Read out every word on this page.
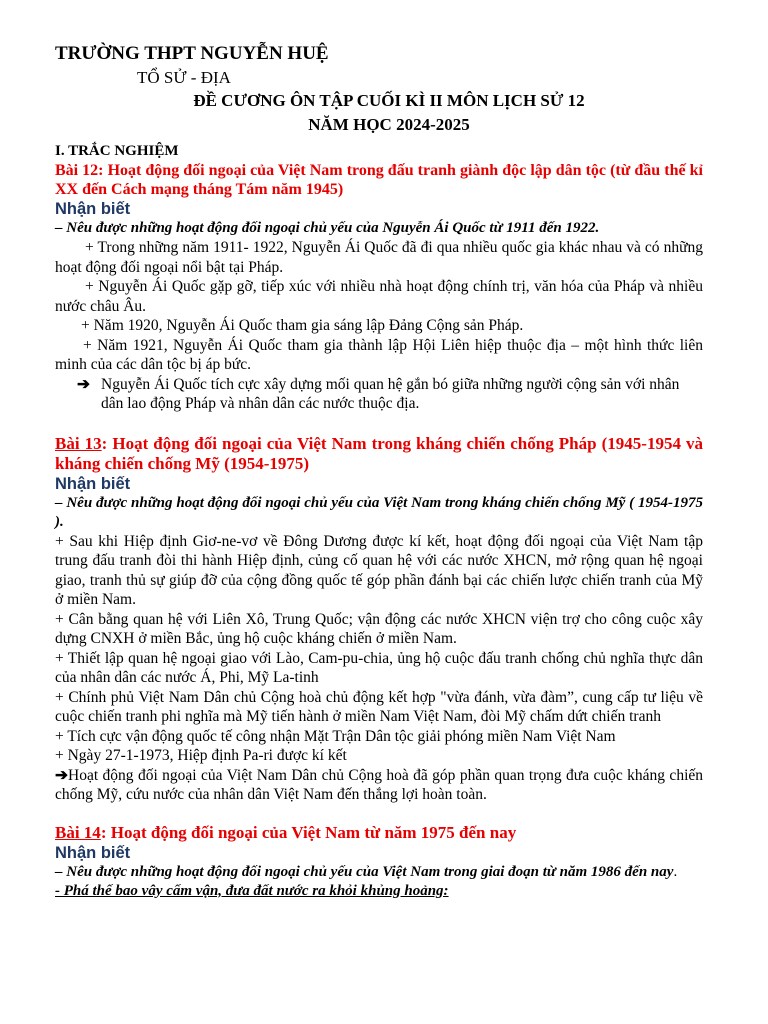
TRƯỜNG THPT NGUYỄN HUỆ

TỔ SỬ - ĐỊA

ĐỀ CƯƠNG ÔN TẬP CUỐI KÌ II MÔN LỊCH SỬ 12

NĂM HỌC 2024-2025

I. TRẮC NGHIỆM

Bài 12: Hoạt động đối ngoại của Việt Nam trong đấu tranh giành độc lập dân tộc (từ đầu thế kỉ XX đến Cách mạng tháng Tám năm 1945)

Nhận biết

– Nêu được những hoạt động đối ngoại chủ yếu của Nguyễn Ái Quốc từ 1911 đến 1922.

+ Trong những năm 1911- 1922, Nguyễn Ái Quốc đã đi qua nhiều quốc gia khác nhau và có những hoạt động đối ngoại nổi bật tại Pháp.

+ Nguyễn Ái Quốc gặp gỡ, tiếp xúc với nhiều nhà hoạt động chính trị, văn hóa của Pháp và nhiều nước châu Âu.

+ Năm 1920, Nguyễn Ái Quốc tham gia sáng lập Đảng Cộng sản Pháp.

+ Năm 1921, Nguyễn Ái Quốc tham gia thành lập Hội Liên hiệp thuộc địa – một hình thức liên minh của các dân tộc bị áp bức.

➔ Nguyễn Ái Quốc tích cực xây dựng mối quan hệ gắn bó giữa những người cộng sản với nhân dân lao động Pháp và nhân dân các nước thuộc địa.

Bài 13: Hoạt động đối ngoại của Việt Nam trong kháng chiến chống Pháp (1945-1954 và kháng chiến chống Mỹ (1954-1975)

Nhận biết

– Nêu được những hoạt động đối ngoại chủ yếu của Việt Nam trong kháng chiến chống Mỹ ( 1954-1975 ).

+ Sau khi Hiệp định Giơ-ne-vơ về Đông Dương được kí kết, hoạt động đối ngoại của Việt Nam tập trung đấu tranh đòi thi hành Hiệp định, củng cố quan hệ với các nước XHCN, mở rộng quan hệ ngoại giao, tranh thủ sự giúp đỡ của cộng đồng quốc tế góp phần đánh bại các chiến lược chiến tranh của Mỹ ở miền Nam.

+ Cân bằng quan hệ với Liên Xô, Trung Quốc; vận động các nước XHCN viện trợ cho công cuộc xây dựng CNXH ở miền Bắc, ủng hộ cuộc kháng chiến ở miền Nam.

+ Thiết lập quan hệ ngoại giao với Lào, Cam-pu-chia, ủng hộ cuộc đấu tranh chống chủ nghĩa thực dân của nhân dân các nước Á, Phi, Mỹ La-tinh

+ Chính phủ Việt Nam Dân chủ Cộng hoà chủ động kết hợp "vừa đánh, vừa đàm”, cung cấp tư liệu về cuộc chiến tranh phi nghĩa mà Mỹ tiến hành ở miền Nam Việt Nam, đòi Mỹ chấm dứt chiến tranh

+ Tích cực vận động quốc tế công nhận Mặt Trận Dân tộc giải phóng miền Nam Việt Nam

+ Ngày 27-1-1973, Hiệp định Pa-ri được kí kết

➔Hoạt động đối ngoại của Việt Nam Dân chủ Cộng hoà đã góp phần quan trọng đưa cuộc kháng chiến chống Mỹ, cứu nước của nhân dân Việt Nam đến thắng lợi hoàn toàn.

Bài 14: Hoạt động đối ngoại của Việt Nam từ năm 1975 đến nay

Nhận biết

– Nêu được những hoạt động đối ngoại chủ yếu của Việt Nam trong giai đoạn từ năm 1986 đến nay.

- Phá thế bao vây cấm vận, đưa đất nước ra khỏi khủng hoảng:
